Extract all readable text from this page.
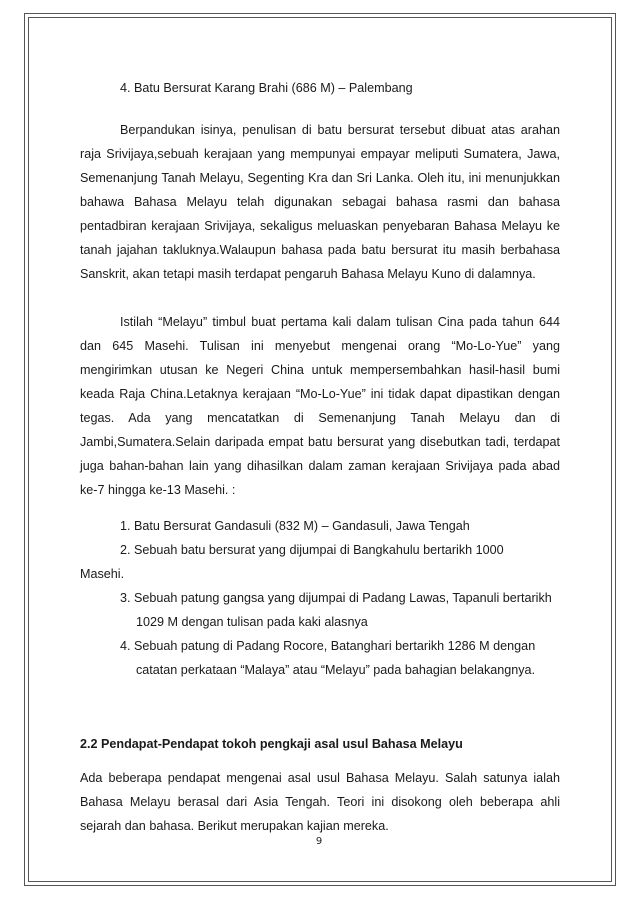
4. Batu Bersurat Karang Brahi (686 M) – Palembang

Berpandukan isinya, penulisan di batu bersurat tersebut dibuat atas arahan raja Srivijaya,sebuah kerajaan yang mempunyai empayar meliputi Sumatera, Jawa, Semenanjung Tanah Melayu, Segenting Kra dan Sri Lanka. Oleh itu, ini menunjukkan bahawa Bahasa Melayu telah digunakan sebagai bahasa rasmi dan bahasa pentadbiran kerajaan Srivijaya, sekaligus meluaskan penyebaran Bahasa Melayu ke tanah jajahan takluknya.Walaupun bahasa pada batu bersurat itu masih berbahasa Sanskrit, akan tetapi masih terdapat pengaruh Bahasa Melayu Kuno di dalamnya.

Istilah “Melayu” timbul buat pertama kali dalam tulisan Cina pada tahun 644 dan 645 Masehi. Tulisan ini menyebut mengenai orang “Mo-Lo-Yue” yang mengirimkan utusan ke Negeri China untuk mempersembahkan hasil-hasil bumi keada Raja China.Letaknya kerajaan “Mo-Lo-Yue” ini tidak dapat dipastikan dengan tegas. Ada yang mencatatkan di Semenanjung Tanah Melayu dan di Jambi,Sumatera.Selain daripada empat batu bersurat yang disebutkan tadi, terdapat juga bahan-bahan lain yang dihasilkan dalam zaman kerajaan Srivijaya pada abad ke-7 hingga ke-13 Masehi. :

1. Batu Bersurat Gandasuli (832 M) – Gandasuli, Jawa Tengah

2. Sebuah batu bersurat yang dijumpai di Bangkahulu bertarikh 1000

Masehi.

3. Sebuah patung gangsa yang dijumpai di Padang Lawas, Tapanuli bertarikh 1029 M dengan tulisan pada kaki alasnya

4. Sebuah patung di Padang Rocore, Batanghari bertarikh 1286 M dengan catatan perkataan “Malaya” atau “Melayu” pada bahagian belakangnya.

2.2 Pendapat-Pendapat tokoh pengkaji asal usul Bahasa Melayu

Ada beberapa pendapat mengenai asal usul Bahasa Melayu. Salah satunya ialah Bahasa Melayu berasal dari Asia Tengah. Teori ini disokong oleh beberapa ahli sejarah dan bahasa. Berikut merupakan kajian mereka.

9
